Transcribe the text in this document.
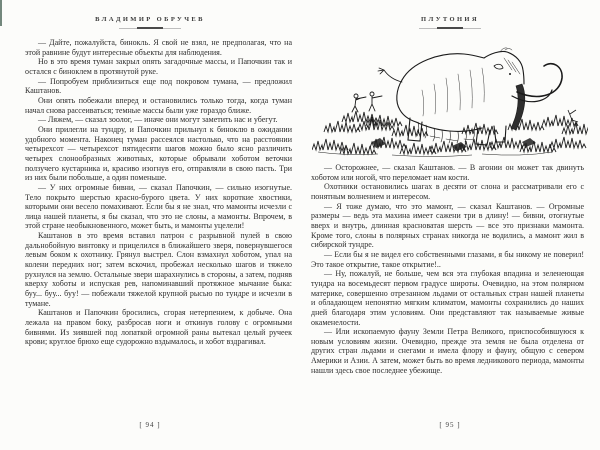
ВЛАДИМИР ОБРУЧЕВ

— Дайте, пожалуйста, бинокль. Я свой не взял, не предполагая, что на этой равнине будут интересные объекты для наблюдения.

Но в это время туман закрыл опять загадочные массы, и Папочкин так и остался с биноклем в протянутой руке.

— Попробуем приблизиться еще под покровом тумана, — предложил Каштанов.

Они опять побежали вперед и остановились только тогда, когда туман начал снова рассеиваться; темные массы были уже гораздо ближе.

— Ляжем, — сказал зоолог, — иначе они могут заметить нас и убегут.

Они прилегли на тундру, и Папочкин прильнул к биноклю в ожидании удобного момента. Наконец туман рассеялся настолько, что на расстоянии четырехсот — четырехсот пятидесяти шагов можно было ясно различить четырех слонообразных животных, которые обрывали хоботом веточки ползучего кустарника и, красиво изогнув его, отправляли в свою пасть. Три из них были побольше, а один поменьше.

— У них огромные бивни, — сказал Папочкин, — сильно изогнутые. Тело покрыто шерстью красно-бурого цвета. У них короткие хвостики, которыми они весело помахивают. Если бы я не знал, что мамонты исчезли с лица нашей планеты, я бы сказал, что это не слоны, а мамонты. Впрочем, в этой стране необыкновенного, может быть, и мамонты уцелели!

Каштанов в это время вставил патрон с разрывной пулей в свою дальнобойную винтовку и прицелился в ближайшего зверя, повернувшегося левым боком к охотнику. Грянул выстрел. Слон взмахнул хоботом, упал на колени передних ног; затем вскочил, пробежал несколько шагов и тяжело рухнулся на землю. Остальные звери шарахнулись в стороны, а затем, подняв кверху хоботы и испуская рев, напоминавший протяжное мычание быка: буу... буу... буу! — побежали тяжелой крупной рысью по тундре и исчезли в тумане.

Каштанов и Папочкин бросились, сгорая нетерпением, к добыче. Она лежала на правом боку, разбросав ноги и откинув голову с огромными бивнями. Из зиявшей под лопаткой огромной раны вытекал целый ручеек крови; круглое брюхо еще судорожно вздымалось, и хобот вздрагивал.

[ 94 ]
ПЛУТОНИЯ

— Осторожнее, — сказал Каштанов. — В агонии он может так двинуть хоботом или ногой, что переломает нам кости.

Охотники остановились шагах в десяти от слона и рассматривали его с понятным волнением и интересом.

— Я тоже думаю, что это мамонт, — сказал Каштанов. — Огромные размеры — ведь эта махина имеет сажени три в длину! — бивни, отогнутые вверх и внутрь, длинная красноватая шерсть — все это признаки мамонта. Кроме того, слоны в полярных странах никогда не водились, а мамонт жил в сибирской тундре.

— Если бы я не видел его собственными глазами, я бы никому не поверил! Это такое открытие, такое открытие!..

— Ну, пожалуй, не больше, чем вся эта глубокая впадина и зеленеющая тундра на восемьдесят первом градусе широты. Очевидно, на этом полярном материке, совершенно отрезанном льдами от остальных стран нашей планеты и обладающем непонятно мягким климатом, мамонты сохранились до наших дней благодаря этим условиям. Они представляют так называемые живые окаменелости.

— Или ископаемую фауну Земли Петра Великого, приспособившуюся к новым условиям жизни. Очевидно, прежде эта земля не была отделена от других стран льдами и снегами и имела флору и фауну, общую с севером Америки и Азии. А затем, может быть во время ледникового периода, мамонты нашли здесь свое последнее убежище.

[ 95 ]
